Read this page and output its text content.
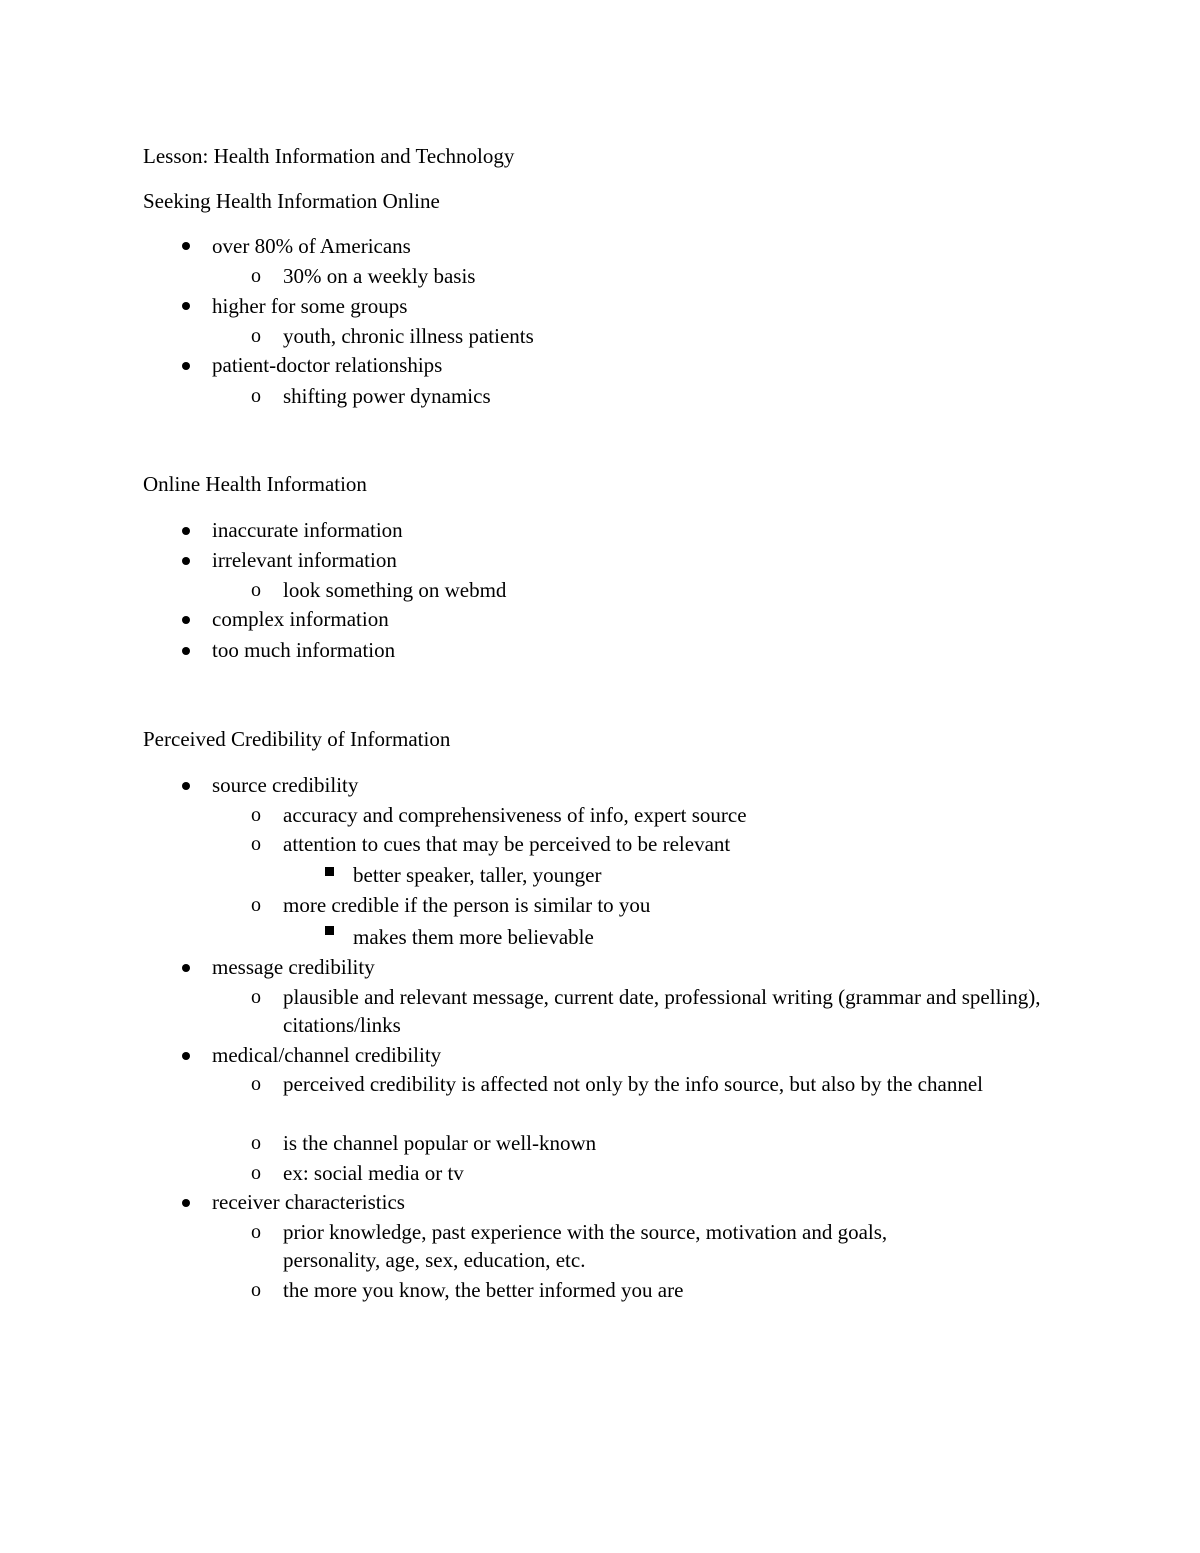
Lesson: Health Information and Technology
Seeking Health Information Online
over 80% of Americans
o 30% on a weekly basis
higher for some groups
o youth, chronic illness patients
patient-doctor relationships
o shifting power dynamics
Online Health Information
inaccurate information
irrelevant information
o look something on webmd
complex information
too much information
Perceived Credibility of Information
source credibility
o accuracy and comprehensiveness of info, expert source
o attention to cues that may be perceived to be relevant
better speaker, taller, younger
o more credible if the person is similar to you
makes them more believable
message credibility
o plausible and relevant message, current date, professional writing (grammar and spelling), citations/links
medical/channel credibility
o perceived credibility is affected not only by the info source, but also by the channel
o is the channel popular or well-known
o ex: social media or tv
receiver characteristics
o prior knowledge, past experience with the source, motivation and goals, personality, age, sex, education, etc.
o the more you know, the better informed you are
